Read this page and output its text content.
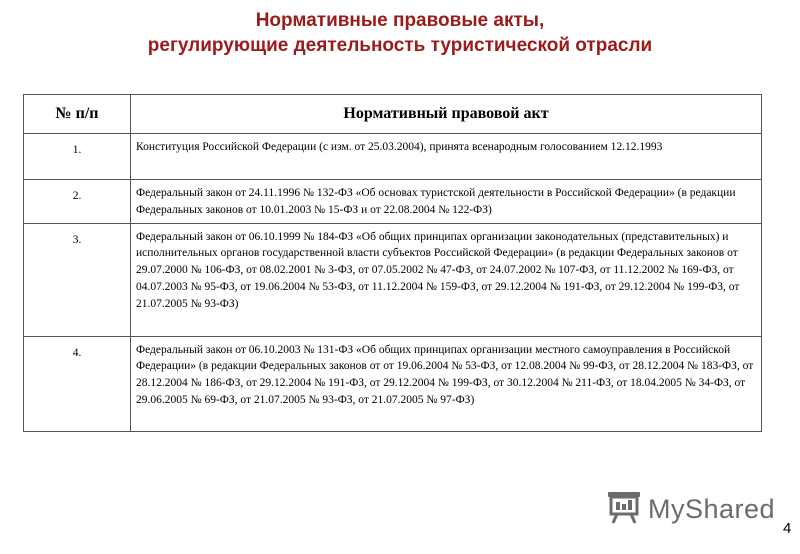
Нормативные правовые акты,
регулирующие деятельность туристической отрасли
№ п/п	Нормативный правовой акт
1.	Конституция Российской Федерации (с изм. от 25.03.2004), принята всенародным голосованием 12.12.1993
2.	Федеральный закон от 24.11.1996 № 132-ФЗ «Об основах туристской деятельности в Российской Федерации» (в редакции Федеральных законов от 10.01.2003 № 15-ФЗ и от 22.08.2004 № 122-ФЗ)
3.	Федеральный закон от 06.10.1999 № 184-ФЗ «Об общих принципах организации законодательных (представительных) и исполнительных органов государственной власти субъектов Российской Федерации» (в редакции Федеральных законов от 29.07.2000 № 106-ФЗ, от 08.02.2001 № 3-ФЗ, от 07.05.2002 № 47-ФЗ, от 24.07.2002 № 107-ФЗ, от 11.12.2002 № 169-ФЗ, от 04.07.2003 № 95-ФЗ, от 19.06.2004 № 53-ФЗ, от 11.12.2004 № 159-ФЗ, от 29.12.2004 № 191-ФЗ, от 29.12.2004 № 199-ФЗ, от 21.07.2005 № 93-ФЗ)
4.	Федеральный закон от 06.10.2003 № 131-ФЗ «Об общих принципах организации местного самоуправления в Российской Федерации» (в редакции Федеральных законов от от 19.06.2004 № 53-ФЗ, от 12.08.2004 № 99-ФЗ, от 28.12.2004 № 183-ФЗ, от 28.12.2004 № 186-ФЗ, от 29.12.2004 № 191-ФЗ, от 29.12.2004 № 199-ФЗ, от 30.12.2004 № 211-ФЗ, от 18.04.2005 № 34-ФЗ, от 29.06.2005 № 69-ФЗ, от 21.07.2005 № 93-ФЗ, от 21.07.2005 № 97-ФЗ)
MyShared
4
